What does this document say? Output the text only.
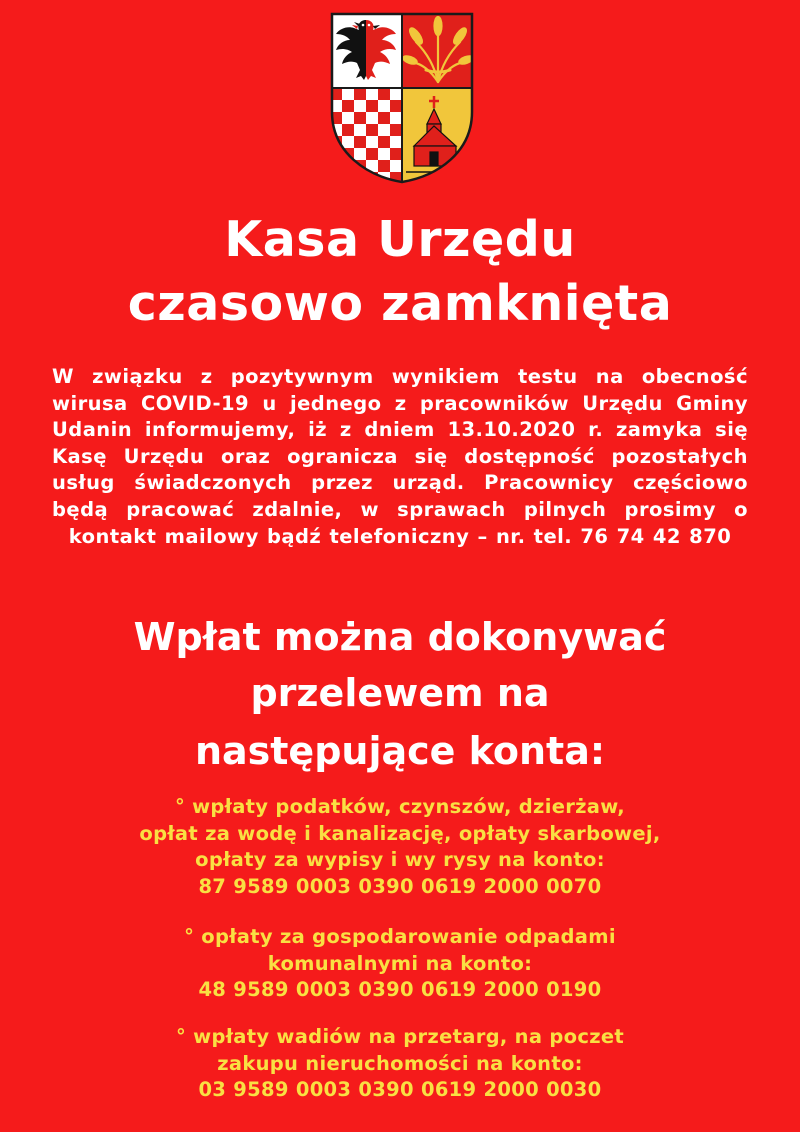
Kasa Urzędu
czasowo zamknięta

W związku z pozytywnym wynikiem testu na obecność wirusa COVID-19 u jednego z pracowników Urzędu Gminy Udanin informujemy, iż z dniem 13.10.2020 r. zamyka się Kasę Urzędu oraz ogranicza się dostępność pozostałych usług świadczonych przez urząd. Pracownicy częściowo będą pracować zdalnie, w sprawach pilnych prosimy o kontakt mailowy bądź telefoniczny – nr. tel. 76 74 42 870

Wpłat można dokonywać
przelewem na
następujące konta:

° wpłaty podatków, czynszów, dzierżaw,

opłat za wodę i kanalizację, opłaty skarbowej,

opłaty za wypisy i wy rysy na konto:

87 9589 0003 0390 0619 2000 0070

° opłaty za gospodarowanie odpadami

komunalnymi na konto:

48 9589 0003 0390 0619 2000 0190

° wpłaty wadiów na przetarg, na poczet

zakupu nieruchomości na konto:

03 9589 0003 0390 0619 2000 0030
